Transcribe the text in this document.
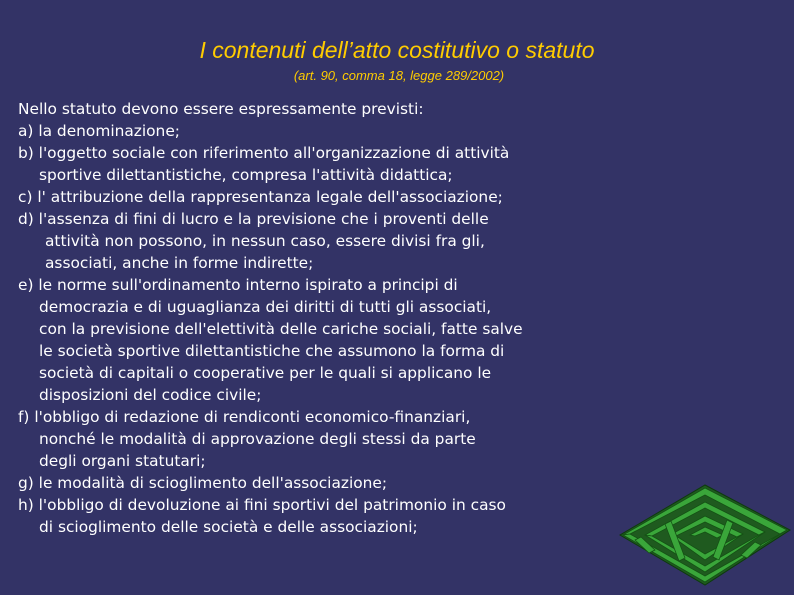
I contenuti dell’atto costitutivo o statuto
(art. 90, comma 18, legge 289/2002)
Nello statuto devono essere espressamente previsti:
a) la denominazione;
b) l'oggetto sociale con riferimento all'organizzazione di attività
sportive dilettantistiche, compresa l'attività didattica;
c) l' attribuzione della rappresentanza legale dell'associazione;
d) l'assenza di fini di lucro e la previsione che i proventi delle
attività non possono, in nessun caso, essere divisi fra gli,
associati, anche in forme indirette;
e) le norme sull'ordinamento interno ispirato a principi di
democrazia e di uguaglianza dei diritti di tutti gli associati,
con la previsione dell'elettività delle cariche sociali, fatte salve
le società sportive dilettantistiche che assumono la forma di
società di capitali o cooperative per le quali si applicano le
disposizioni del codice civile;
f) l'obbligo di redazione di rendiconti economico-finanziari,
nonché le modalità di approvazione degli stessi da parte
degli organi statutari;
g) le modalità di scioglimento dell'associazione;
h) l'obbligo di devoluzione ai fini sportivi del patrimonio in caso
di scioglimento delle società e delle associazioni;
